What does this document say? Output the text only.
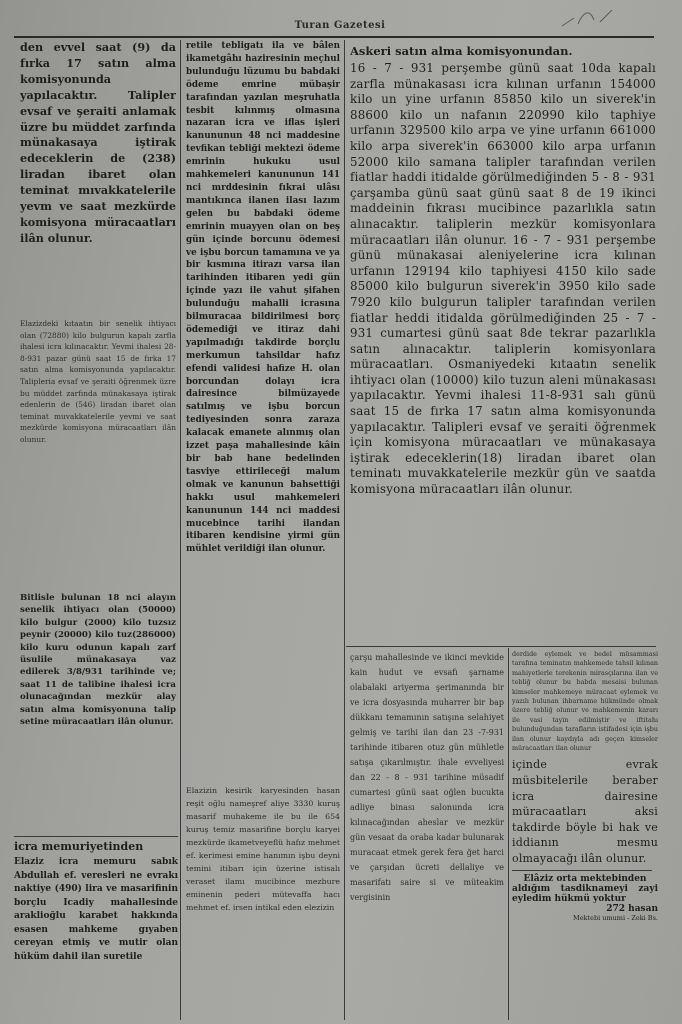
Turan Gazetesi

den evvel saat (9) da fırka 17 satın alma komisyonunda yapılacaktır. Talipler evsaf ve şeraiti anlamak üzre bu müddet zarfında münakasaya iştirak edeceklerin de (238) liradan ibaret olan teminat mıvakkatelerile yevm ve saat mezkürde komisyona müracaatları ilân olunur.

Elazizdeki kıtaatın bir senelik ihtiyacı olan (72880) kilo bulgurun kapalı zarfla ihalesi icra kılınacaktır. Yevmi ihalesi 28-8-931 pazar günü saat 15 de fırka 17 satın alma komisyonunda yapılacaktır. Talipleria evsaf ve şeraiti öğrenmek üzre bu müddet zarfında münakasaya iştirak edenlerin de (546) liradan ibaret olan teminat muvakkatelerile yevmi ve saat mezkürde komisyona müracaatları ilân olunur.

Bitlisle bulunan 18 nci alayın senelik ihtiyacı olan (50000) kilo bulgur (2000) kilo tuzsız peynir (20000) kilo tuz(286000) kilo kuru odunun kapalı zarf üsulile münakasaya vaz edilerek 3/8/931 tarihinde ve; saat 11 de talibine ihalesi icra olunacağından mezkür alay satın alma komisyonuna talip setine müracaatları ilân olunur.

icra memuriyetinden

Elaziz icra memuru sabık Abdullah ef. veresleri ne evrakı naktiye (490) lira ve masarifinin borçlu Icadiy mahallesinde araklioğlu karabet hakkında esasen mahkeme gıyaben cereyan etmiş ve mutir olan hüküm dahil ilan suretile

retile tebligatı ila ve bâlen ikametgâhı haziresinin meçhul bulunduğu lüzumu bu babdaki ödeme emrine mübaşir tarafından yazılan meşruhatla tesbit kılınmış olmasına nazaran icra ve iflas işleri kanununun 48 nci maddesine tevfikan tebliği mektezi ödeme emrinin hukuku usul mahkemeleri kanununun 141 nci mrddesinin fıkrai ulâsı mantıkınca ilanen ilası lazım gelen bu babdaki ödeme emrinin muayyen olan on beş gün içinde borcunu ödemesi ve işbu borcun tamamına ve ya bir kısmına itirazı varsa ilan tarihinden itibaren yedi gün içinde yazı ile vahut şifahen bulunduğu mahalli icrasına bilmuracaa bildirilmesi borç ödemediği ve itiraz dahi yapılmadığı takdirde borçlu merkumun tahsildar hafız efendi validesi hafize H. olan borcundan dolayı icra dairesince bilmüzayede satılmış ve işbu borcun tediyesinden sonra zaraza kalacak emanete alınmış olan izzet paşa mahallesinde kâin bir bab hane bedelinden tasviye ettirileceği malum olmak ve kanunun bahsettiği hakkı usul mahkemeleri kanununun 144 nci maddesi mucebince tarihi ilandan itibaren kendisine yirmi gün mühlet verildiği ilan olunur.

Elazizin kesirik karyesinden hasan reşit oğlu nameşref aliye 3330 kuruş masarif muhakeme ile bu ile 654 kuruş temiz masarifine borçlu karyei mezkürde ikametveyeflü hafız mehmet ef. kerimesi emine hanımın işbu deyni temini itibarı için üzerine istisalı veraset ilamı mucibince mezbure eminenin pederi mütevaffa hacı mehmet ef. irsen intikal eden elezizin

Askeri satın alma komisyonundan.

16 - 7 - 931 perşembe günü saat 10da kapalı zarfla münakasası icra kılınan urfanın 154000 kilo un yine urfanın 85850 kilo un siverek'in 88600 kilo un nafanın 220990 kilo taphiye urfanın 329500 kilo arpa ve yine urfanın 661000 kilo arpa siverek'in 663000 kilo arpa urfanın 52000 kilo samana talipler tarafından verilen fiatlar haddi itidalde görülmediğinden 5 - 8 - 931 çarşamba günü saat günü saat 8 de 19 ikinci maddeinin fıkrası mucibince pazarlıkla satın alınacaktır. taliplerin mezkür komisyonlara müracaatları ilân olunur. 16 - 7 - 931 perşembe günü münakasai aleniyelerine icra kılınan urfanın 129194 kilo taphiyesi 4150 kilo sade 85000 kilo bulgurun siverek'in 3950 kilo sade 7920 kilo bulgurun talipler tarafından verilen fiatlar heddi itidalda görülmediğinden 25 - 7 - 931 cumartesi günü saat 8de tekrar pazarlıkla satın alınacaktır. taliplerin komisyonlara müracaatları. Osmaniyedeki kıtaatın senelik ihtiyacı olan (10000) kilo tuzun aleni münakasası yapılacaktır. Yevmi ihalesi 11-8-931 salı günü saat 15 de fırka 17 satın alma komisyonunda yapılacaktır. Talipleri evsaf ve şeraiti öğrenmek için komisyona müracaatları ve münakasaya iştirak edeceklerin(18) liradan ibaret olan teminatı muvakkatelerile mezkür gün ve saatda komisyona müracaatları ilân olunur.

çarşu mahallesinde ve ikinci mevkide kain hudut ve evsafı şarname olabalaki ariyerma şerimanında bir ve icra dosyasında muharrer bir bap dükkanı temamının satışına selahiyet gelmiş ve tarihi ilan dan 23 -7-931 tarihinde itibaren otuz gün mühletle satışa çıkarılmıştır. ihale evveliyesi dan 22 - 8 - 931 tarihine müsadif cumartesi günü saat oğlen bucukta adliye binası salonunda icra kılınacağından aheslar ve mezkür gün vesaat da oraba kadar bulunarak muracaat etmek gerek fera ğet harci ve çarşıdan ücreti dellaliye ve masarifatı saire si ve müteakim vergisinin

derdide eylemek ve bedel müsammasi tarafına teminatın mahkemede tahsil kılınan mahiyetlerle terekenin mirasçılarına ilan ve tebliğ olunur bu babda mesaisi bulunan kimseler mahkemeye müracaat eylemek ve yazılı bulunan ihbarname hükmünde olmak üzere tebliğ olunur ve mahkemenin kararı ile vasi tayin edilmiştir ve iftitahı bulunduğundan tarafların istifadesi için işbu ilan olunur kaydıyla adı geçen kimseler müracaatları ilan olunur

içinde evrak müsbitelerile beraber icra dairesine müracaatları aksi takdirde böyle bi hak ve iddianın mesmu olmayacağı ilân olunur.

Elâziz orta mektebinden
aldığım tasdiknameyi zayi eyledim hükmü yoktur
272 hasan
Mektebi umumi - Zeki Bs.
